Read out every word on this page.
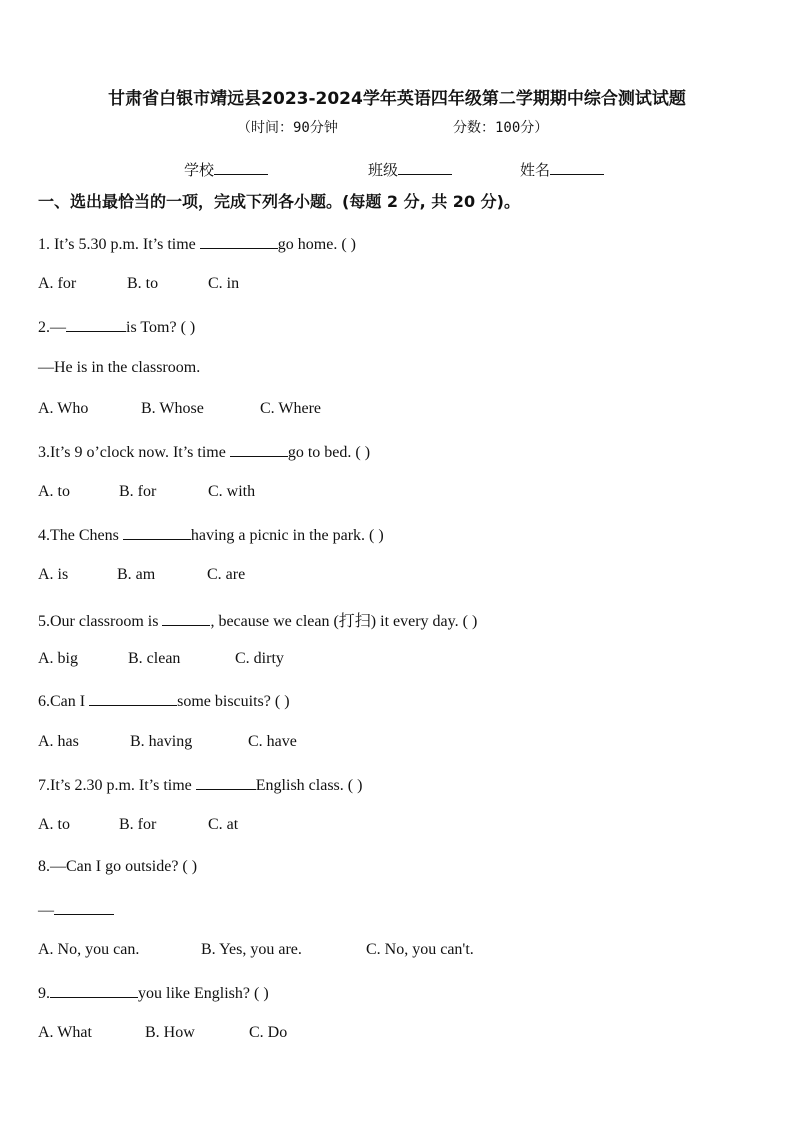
甘肃省白银市靖远县2023-2024学年英语四年级第二学期期中综合测试试题
（时间：90分钟	分数：100分）
学校	班级	姓名
一、选出最恰当的一项，完成下列各小题。(每题 2 分, 共 20 分)。
1. It’s 5.30 p.m. It’s time	go home. ( )
A. for	B. to	C. in
2.—	is Tom? ( )
—He is in the classroom.
A. Who	B. Whose	C. Where
3.It’s 9 o’clock now. It’s time	go to bed. ( )
A. to	B. for	C. with
4.The Chens	having a picnic in the park. ( )
A. is	B. am	C. are
5.Our classroom is	, because we clean (打扫) it every day. ( )
A. big	B. clean	C. dirty
6.Can I	some biscuits? ( )
A. has	B. having	C. have
7.It’s 2.30 p.m. It’s time	English class. ( )
A. to	B. for	C. at
8.—Can I go outside? ( )
—
A. No, you can.	B. Yes, you are.	C. No, you can't.
9.	you like English? ( )
A. What	B. How	C. Do
